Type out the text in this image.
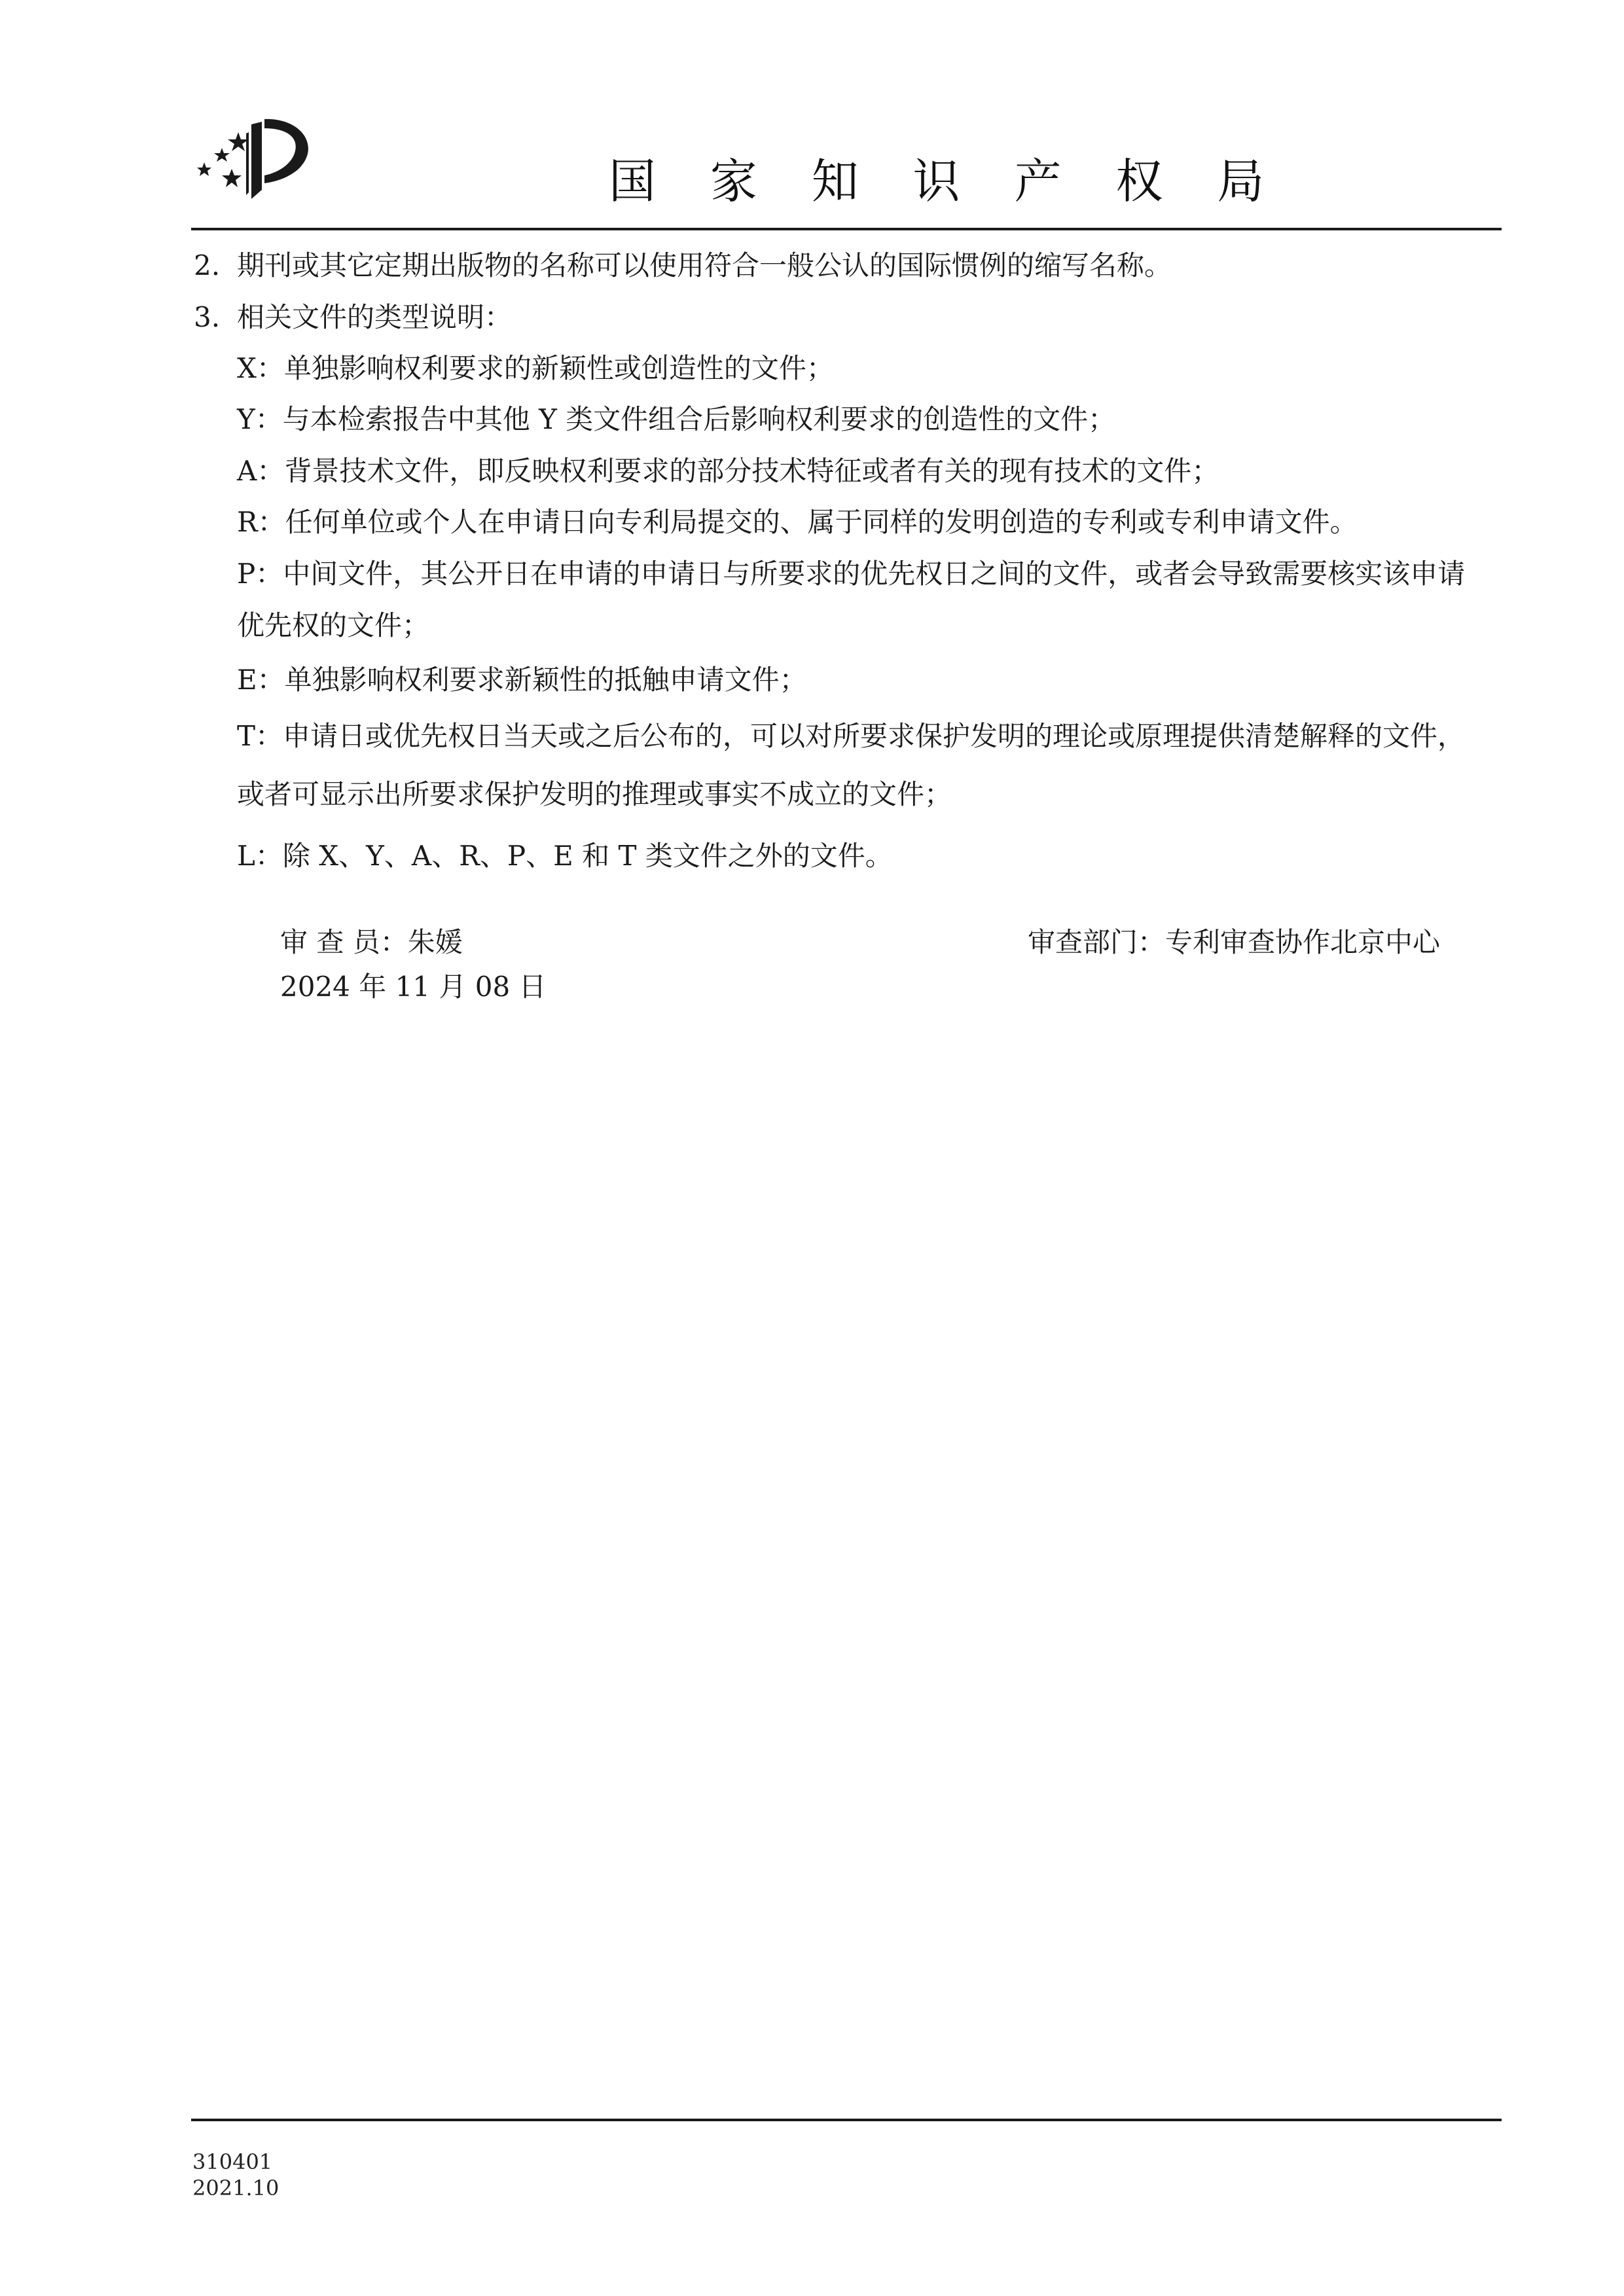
国 家 知 识 产 权 局
2. 期刊或其它定期出版物的名称可以使用符合一般公认的国际惯例的缩写名称。
3. 相关文件的类型说明：
X：单独影响权利要求的新颖性或创造性的文件；
Y：与本检索报告中其他 Y 类文件组合后影响权利要求的创造性的文件；
A：背景技术文件，即反映权利要求的部分技术特征或者有关的现有技术的文件；
R：任何单位或个人在申请日向专利局提交的、属于同样的发明创造的专利或专利申请文件。
P：中间文件，其公开日在申请的申请日与所要求的优先权日之间的文件，或者会导致需要核实该申请
优先权的文件；
E：单独影响权利要求新颖性的抵触申请文件；
T：申请日或优先权日当天或之后公布的，可以对所要求保护发明的理论或原理提供清楚解释的文件，
或者可显示出所要求保护发明的推理或事实不成立的文件；
L：除 X、Y、A、R、P、E 和 T 类文件之外的文件。
审 查 员：朱媛	审查部门：专利审查协作北京中心
2024 年 11 月 08 日
310401
2021.10
